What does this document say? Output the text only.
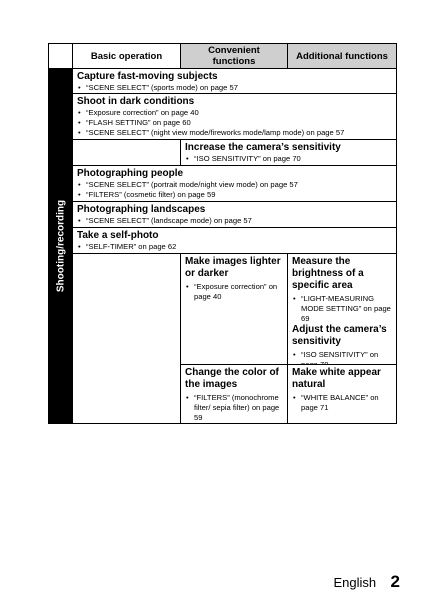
Basic operation	Convenient functions	Additional functions
Shooting/recording
Capture fast-moving subjects
• “SCENE SELECT” (sports mode) on page 57
Shoot in dark conditions
• “Exposure correction” on page 40
• “FLASH SETTING” on page 60
• “SCENE SELECT” (night view mode/fireworks mode/lamp mode) on page 57
Increase the camera’s sensitivity
• “ISO SENSITIVITY” on page 70
Photographing people
• “SCENE SELECT” (portrait mode/night view mode) on page 57
• “FILTERS” (cosmetic filter) on page 59
Photographing landscapes
• “SCENE SELECT” (landscape mode) on page 57
Take a self-photo
• “SELF-TIMER” on page 62
Make images lighter or darker
• “Exposure correction” on page 40
Measure the brightness of a specific area
• “LIGHT-MEASURING MODE SETTING” on page 69
Adjust the camera’s sensitivity
• “ISO SENSITIVITY” on
Change the color of the images
• “FILTERS” (monochrome filter/ sepia filter) on page 59
Make white appear natural
• “WHITE BALANCE” on page 71
English 2
